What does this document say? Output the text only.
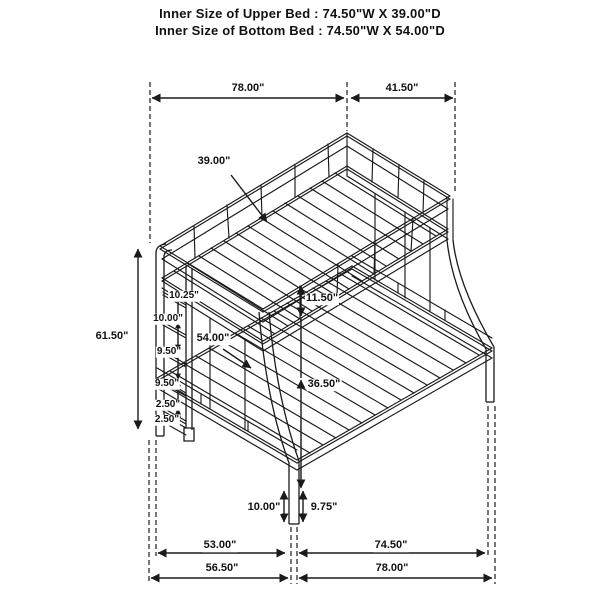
Inner Size of Upper Bed : 74.50"W X 39.00"D
Inner Size of Bottom Bed : 74.50"W X 54.00"D
78.00"	41.50"
39.00"
61.50"
10.25"
10.00"
9.50"
9.50"
2.50"
2.50"
11.50"
54.00"
36.50"
10.00"	9.75"
53.00"	74.50"
56.50"	78.00"
